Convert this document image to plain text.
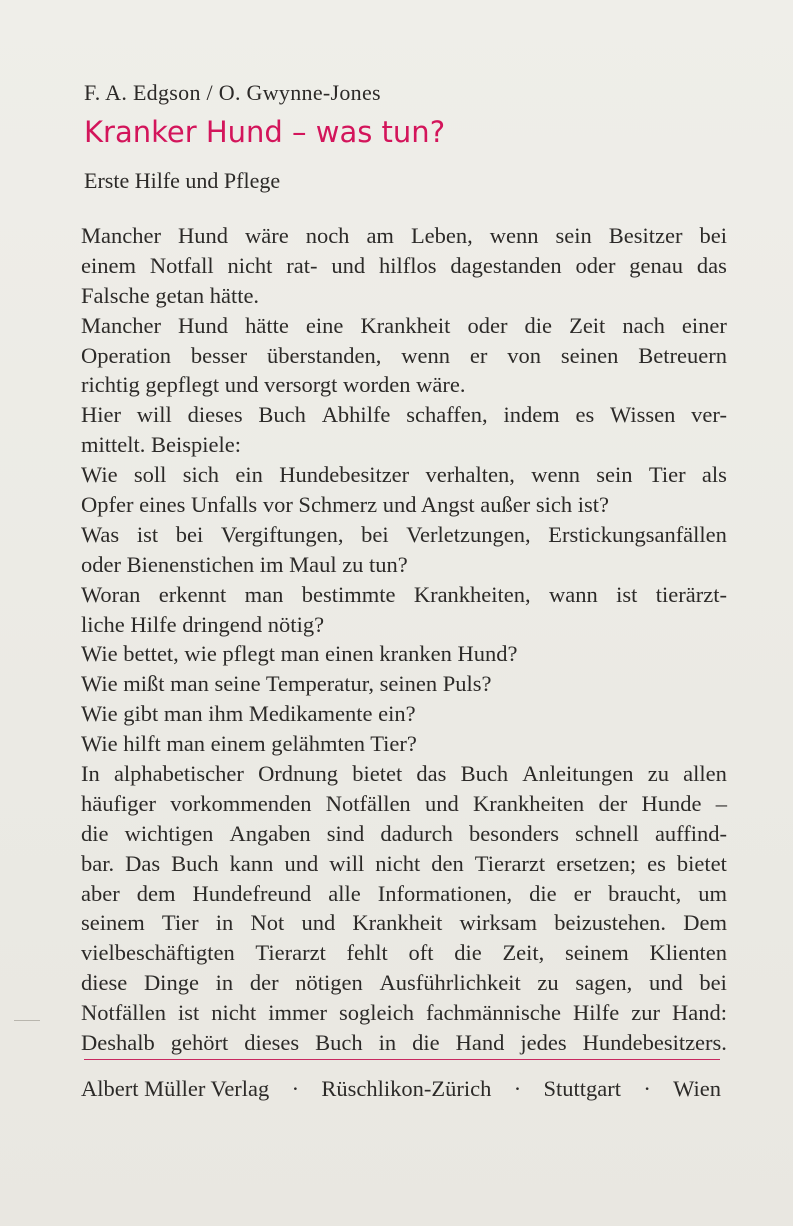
F. A. Edgson / O. Gwynne-Jones
Kranker Hund – was tun?
Erste Hilfe und Pflege
Mancher Hund wäre noch am Leben, wenn sein Besitzer bei
einem Notfall nicht rat- und hilflos dagestanden oder genau das
Falsche getan hätte.
Mancher Hund hätte eine Krankheit oder die Zeit nach einer
Operation besser überstanden, wenn er von seinen Betreuern
richtig gepflegt und versorgt worden wäre.
Hier will dieses Buch Abhilfe schaffen, indem es Wissen ver-
mittelt. Beispiele:
Wie soll sich ein Hundebesitzer verhalten, wenn sein Tier als
Opfer eines Unfalls vor Schmerz und Angst außer sich ist?
Was ist bei Vergiftungen, bei Verletzungen, Erstickungsanfällen
oder Bienenstichen im Maul zu tun?
Woran erkennt man bestimmte Krankheiten, wann ist tierärzt-
liche Hilfe dringend nötig?
Wie bettet, wie pflegt man einen kranken Hund?
Wie mißt man seine Temperatur, seinen Puls?
Wie gibt man ihm Medikamente ein?
Wie hilft man einem gelähmten Tier?
In alphabetischer Ordnung bietet das Buch Anleitungen zu allen
häufiger vorkommenden Notfällen und Krankheiten der Hunde –
die wichtigen Angaben sind dadurch besonders schnell auffind-
bar. Das Buch kann und will nicht den Tierarzt ersetzen; es bietet
aber dem Hundefreund alle Informationen, die er braucht, um
seinem Tier in Not und Krankheit wirksam beizustehen. Dem
vielbeschäftigten Tierarzt fehlt oft die Zeit, seinem Klienten
diese Dinge in der nötigen Ausführlichkeit zu sagen, und bei
Notfällen ist nicht immer sogleich fachmännische Hilfe zur Hand:
Deshalb gehört dieses Buch in die Hand jedes Hundebesitzers.
Albert Müller Verlag · Rüschlikon-Zürich · Stuttgart · Wien
